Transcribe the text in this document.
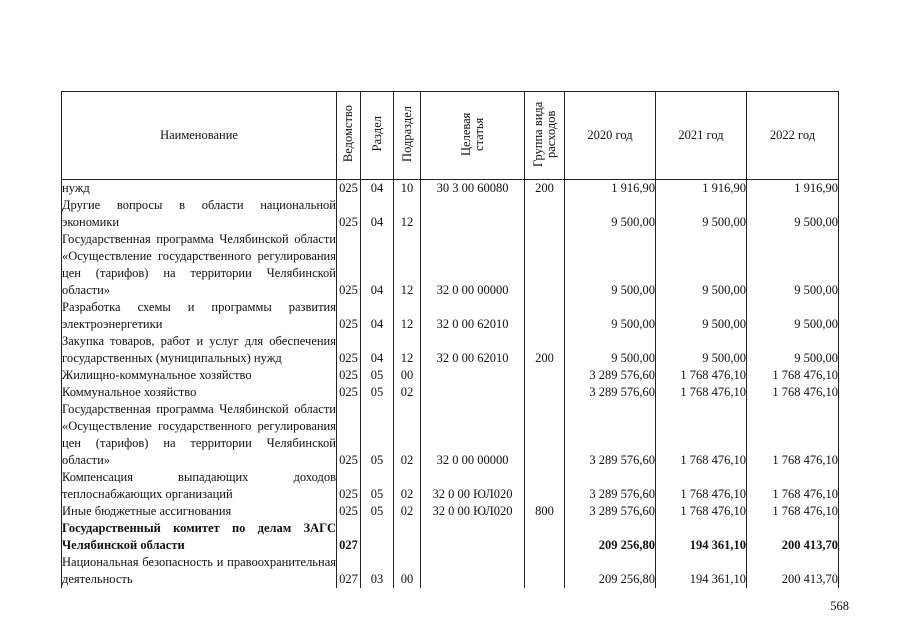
Наименование	Ведомство	Раздел	Подраздел	Целевая статья	Группа вида расходов	2020 год	2021 год	2022 год
нужд	025	04	10	30 3 00 60080	200	1 916,90	1 916,90	1 916,90
Другие вопросы в области национальной экономики	025	04	12			9 500,00	9 500,00	9 500,00
Государственная программа Челябинской области «Осуществление государственного регулирования цен (тарифов) на территории Челябинской области»	025	04	12	32 0 00 00000		9 500,00	9 500,00	9 500,00
Разработка схемы и программы развития электроэнергетики	025	04	12	32 0 00 62010		9 500,00	9 500,00	9 500,00
Закупка товаров, работ и услуг для обеспечения государственных (муниципальных) нужд	025	04	12	32 0 00 62010	200	9 500,00	9 500,00	9 500,00
Жилищно-коммунальное хозяйство	025	05	00			3 289 576,60	1 768 476,10	1 768 476,10
Коммунальное хозяйство	025	05	02			3 289 576,60	1 768 476,10	1 768 476,10
Государственная программа Челябинской области «Осуществление государственного регулирования цен (тарифов) на территории Челябинской области»	025	05	02	32 0 00 00000		3 289 576,60	1 768 476,10	1 768 476,10
Компенсация выпадающих доходов теплоснабжающих организаций	025	05	02	32 0 00 ЮЛ020		3 289 576,60	1 768 476,10	1 768 476,10
Иные бюджетные ассигнования	025	05	02	32 0 00 ЮЛ020	800	3 289 576,60	1 768 476,10	1 768 476,10
Государственный комитет по делам ЗАГС Челябинской области	027					209 256,80	194 361,10	200 413,70
Национальная безопасность и правоохранительная деятельность	027	03	00			209 256,80	194 361,10	200 413,70
568
